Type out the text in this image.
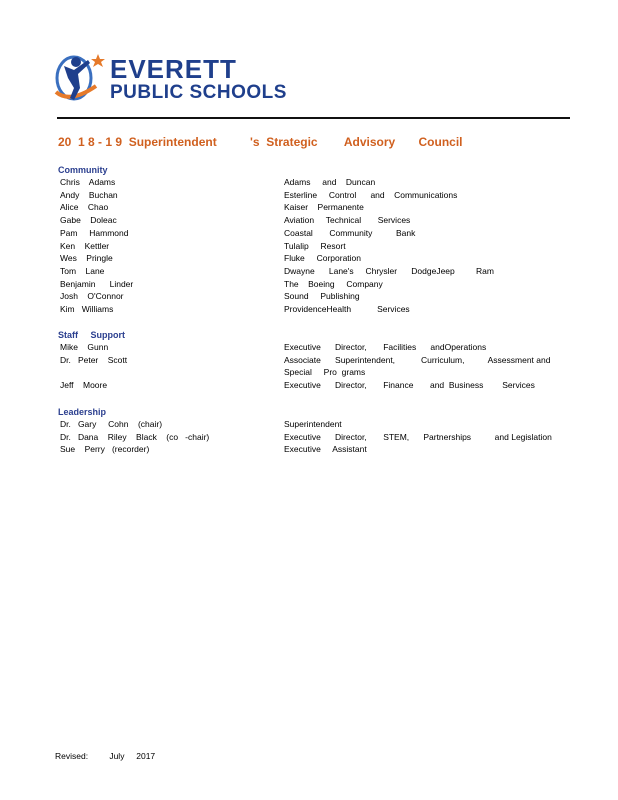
EVERETT
PUBLIC SCHOOLS
20  1 8 - 1 9  Superintendent          's  Strategic        Advisory       Council
Community
Chris    Adams	Adams     and    Duncan
Andy    Buchan	Esterline     Control      and    Communications
Alice    Chao	Kaiser    Permanente
Gabe    Doleac	Aviation     Technical       Services
Pam     Hammond	Coastal       Community          Bank
Ken    Kettler	Tulalip     Resort
Wes    Pringle	Fluke     Corporation
Tom    Lane	Dwayne      Lane's     Chrysler      DodgeJeep         Ram
Benjamin      Linder	The    Boeing     Company
Josh    O'Connor	Sound     Publishing
Kim   Williams	ProvidenceHealth           Services
Staff     Support
Mike    Gunn	Executive      Director,       Facilities      andOperations
Dr.   Peter    Scott	Associate      Superintendent,           Curriculum,          Assessment and    Special     Pro  grams
Jeff    Moore	Executive      Director,       Finance       and  Business        Services
Leadership
Dr.   Gary     Cohn    (chair)	Superintendent
Dr.   Dana    Riley    Black    (co   -chair)	Executive      Director,       STEM,      Partnerships          and Legislation
Sue    Perry   (recorder)	Executive     Assistant
Revised:         July     2017
